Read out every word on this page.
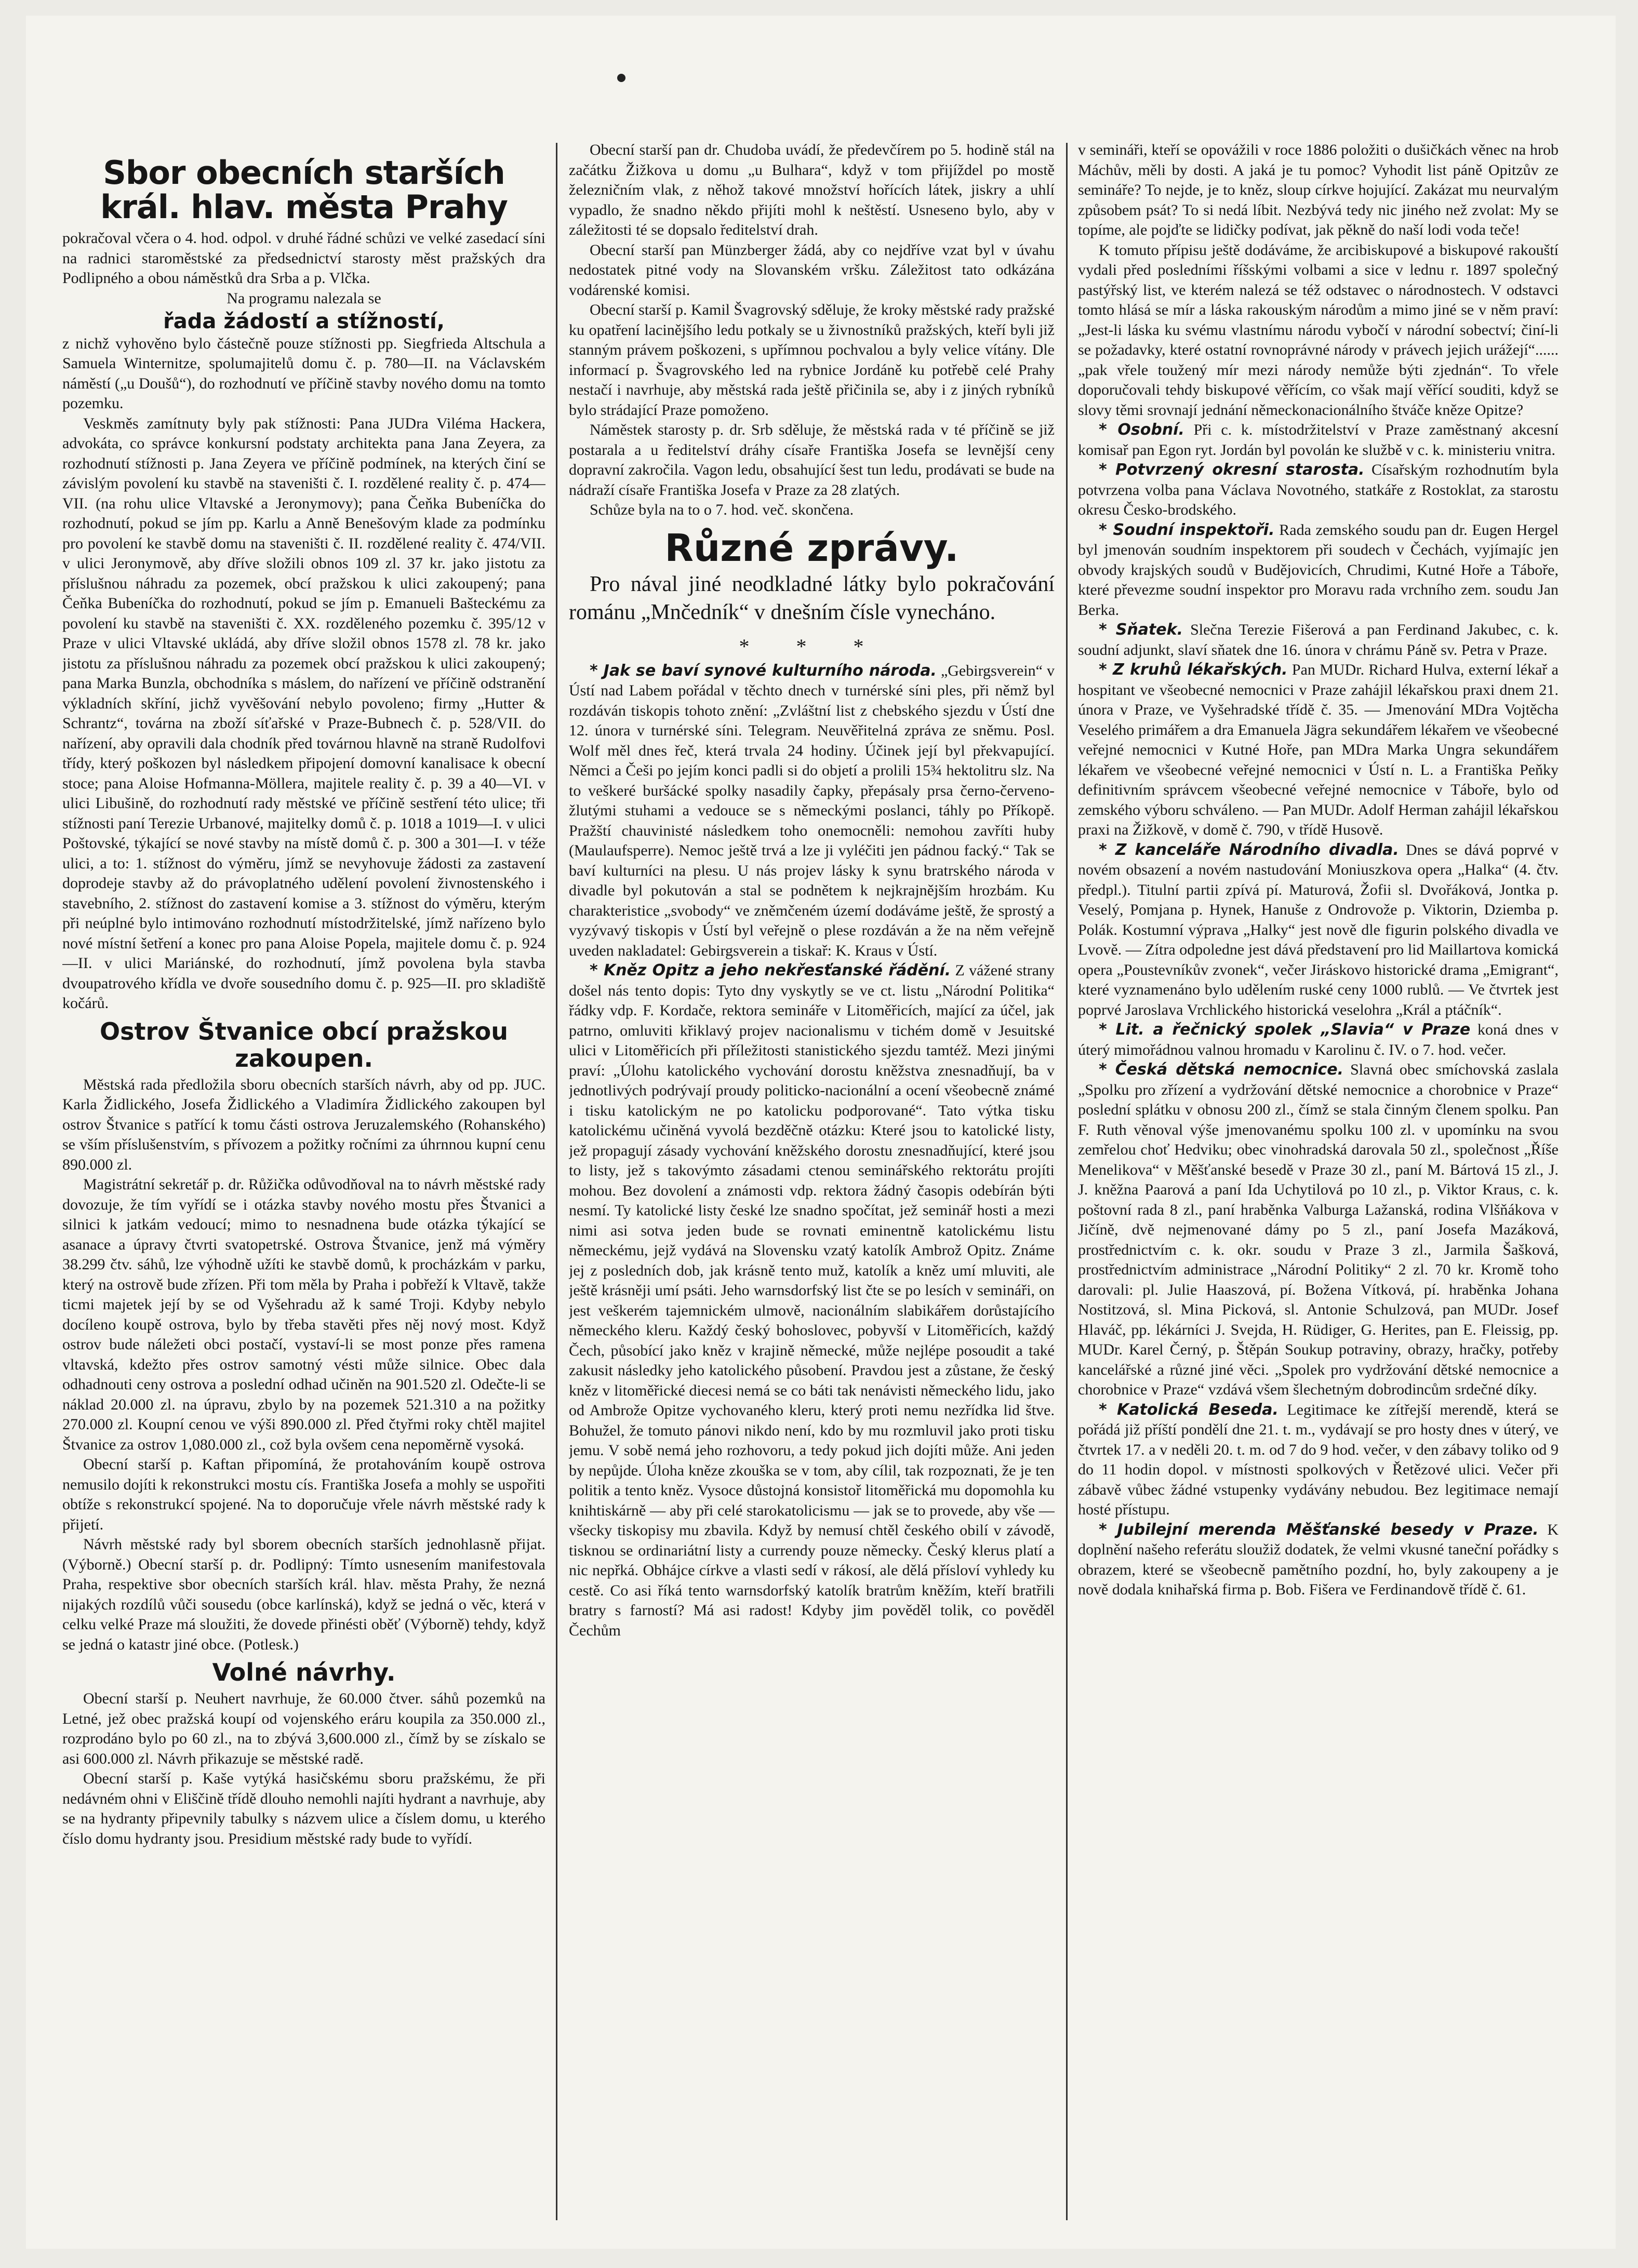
Sbor obecních starších král. hlav. města Prahy

pokračoval včera o 4. hod. odpol. v druhé řádné schůzi ve velké zasedací síni na radnici staroměstské za předsednictví starosty měst pražských dra Podlipného a obou náměstků dra Srba a p. Vlčka.

Na programu nalezala se

řada žádostí a stížností,

z nichž vyhověno bylo částečně pouze stížnosti pp. Siegfrieda Altschula a Samuela Winternitze, spolumajitelů domu č. p. 780—II. na Václavském náměstí („u Doušů“), do rozhodnutí ve příčině stavby nového domu na tomto pozemku.

Veskměs zamítnuty byly pak stížnosti: Pana JUDra Viléma Hackera, advokáta, co správce konkursní podstaty architekta pana Jana Zeyera, za rozhodnutí stížnosti p. Jana Zeyera ve příčině podmínek, na kterých činí se závislým povolení ku stavbě na staveništi č. I. rozdělené reality č. p. 474—VII. (na rohu ulice Vltavské a Jeronymovy); pana Čeňka Bubeníčka do rozhodnutí, pokud se jím pp. Karlu a Anně Benešovým klade za podmínku pro povolení ke stavbě domu na staveništi č. II. rozdělené reality č. 474/VII. v ulici Jeronymově, aby dříve složili obnos 109 zl. 37 kr. jako jistotu za příslušnou náhradu za pozemek, obcí pražskou k ulici zakoupený; pana Čeňka Bubeníčka do rozhodnutí, pokud se jím p. Emanueli Bašteckému za povolení ku stavbě na staveništi č. XX. rozděleného pozemku č. 395/12 v Praze v ulici Vltavské ukládá, aby dříve složil obnos 1578 zl. 78 kr. jako jistotu za příslušnou náhradu za pozemek obcí pražskou k ulici zakoupený; pana Marka Bunzla, obchodníka s máslem, do nařízení ve příčině odstranění výkladních skříní, jichž vyvěšování nebylo povoleno; firmy „Hutter & Schrantz“, továrna na zboží síťařské v Praze-Bubnech č. p. 528/VII. do nařízení, aby opravili dala chodník před továrnou hlavně na straně Rudolfovi třídy, který poškozen byl následkem připojení domovní kanalisace k obecní stoce; pana Aloise Hofmanna-Möllera, majitele reality č. p. 39 a 40—VI. v ulici Libušině, do rozhodnutí rady městské ve příčině sestření této ulice; tři stížnosti paní Terezie Urbanové, majitelky domů č. p. 1018 a 1019—I. v ulici Poštovské, týkající se nové stavby na místě domů č. p. 300 a 301—I. v téže ulici, a to: 1. stížnost do výměru, jímž se nevyhovuje žádosti za zastavení doprodeje stavby až do právoplatného udělení povolení živnostenského i stavebního, 2. stížnost do zastavení komise a 3. stížnost do výměru, kterým při neúplné bylo intimováno rozhodnutí místodržitelské, jímž nařízeno bylo nové místní šetření a konec pro pana Aloise Popela, majitele domu č. p. 924—II. v ulici Mariánské, do rozhodnutí, jímž povolena byla stavba dvoupatrového křídla ve dvoře sousedního domu č. p. 925—II. pro skladiště kočárů.

Ostrov Štvanice obcí pražskou zakoupen.

Městská rada předložila sboru obecních starších návrh, aby od pp. JUC. Karla Židlického, Josefa Židlického a Vladimíra Židlického zakoupen byl ostrov Štvanice s patřící k tomu části ostrova Jeruzalemského (Rohanského) se vším příslušenstvím, s přívozem a požitky ročními za úhrnnou kupní cenu 890.000 zl.

Magistrátní sekretář p. dr. Růžička odůvodňoval na to návrh městské rady dovozuje, že tím vyřídí se i otázka stavby nového mostu přes Štvanici a silnici k jatkám vedoucí; mimo to nesnadnena bude otázka týkající se asanace a úpravy čtvrti svatopetrské. Ostrova Štvanice, jenž má výměry 38.299 čtv. sáhů, lze výhodně užíti ke stavbě domů, k procházkám v parku, který na ostrově bude zřízen. Při tom měla by Praha i pobřeží k Vltavě, takže ticmi majetek její by se od Vyšehradu až k samé Troji. Kdyby nebylo docíleno koupě ostrova, bylo by třeba stavěti přes něj nový most. Když ostrov bude náležeti obci postačí, vystaví-li se most ponze přes ramena vltavská, kdežto přes ostrov samotný vésti může silnice. Obec dala odhadnouti ceny ostrova a poslední odhad učiněn na 901.520 zl. Odečte-li se náklad 20.000 zl. na úpravu, zbylo by na pozemek 521.310 a na požitky 270.000 zl. Koupní cenou ve výši 890.000 zl. Před čtyřmi roky chtěl majitel Štvanice za ostrov 1,080.000 zl., což byla ovšem cena nepoměrně vysoká.

Obecní starší p. Kaftan připomíná, že protahováním koupě ostrova nemusilo dojíti k rekonstrukci mostu cís. Františka Josefa a mohly se uspořiti obtíže s rekonstrukcí spojené. Na to doporučuje vřele návrh městské rady k přijetí.

Návrh městské rady byl sborem obecních starších jednohlasně přijat. (Výborně.) Obecní starší p. dr. Podlipný: Tímto usnesením manifestovala Praha, respektive sbor obecních starších král. hlav. města Prahy, že nezná nijakých rozdílů vůči sousedu (obce karlínská), když se jedná o věc, která v celku velké Praze má sloužiti, že dovede přinésti oběť (Výborně) tehdy, když se jedná o katastr jiné obce. (Potlesk.)

Volné návrhy.

Obecní starší p. Neuhert navrhuje, že 60.000 čtver. sáhů pozemků na Letné, jež obec pražská koupí od vojenského eráru koupila za 350.000 zl., rozprodáno bylo po 60 zl., na to zbývá 3,600.000 zl., čímž by se získalo se asi 600.000 zl. Návrh přikazuje se městské radě.

Obecní starší p. Kaše vytýká hasičskému sboru pražskému, že při nedávném ohni v Eliščině třídě dlouho nemohli najíti hydrant a navrhuje, aby se na hydranty připevnily tabulky s názvem ulice a číslem domu, u kterého číslo domu hydranty jsou. Presidium městské rady bude to vyřídí.

Obecní starší pan dr. Chudoba uvádí, že předevčírem po 5. hodině stál na začátku Žižkova u domu „u Bulhara“, když v tom přijíždel po mostě železničním vlak, z něhož takové množství hořících látek, jiskry a uhlí vypadlo, že snadno někdo přijíti mohl k neštěstí. Usneseno bylo, aby v záležitosti té se dopsalo ředitelství drah.

Obecní starší pan Münzberger žádá, aby co nejdříve vzat byl v úvahu nedostatek pitné vody na Slovanském vršku. Záležitost tato odkázána vodárenské komisi.

Obecní starší p. Kamil Švagrovský sděluje, že kroky městské rady pražské ku opatření lacinějšího ledu potkaly se u živnostníků pražských, kteří byli již stanným právem poškozeni, s upřímnou pochvalou a byly velice vítány. Dle informací p. Švagrovského led na rybnice Jordáně ku potřebě celé Prahy nestačí i navrhuje, aby městská rada ještě přičinila se, aby i z jiných rybníků bylo strádající Praze pomoženo.

Náměstek starosty p. dr. Srb sděluje, že městská rada v té příčině se již postarala a u ředitelství dráhy císaře Františka Josefa se levnější ceny dopravní zakročila. Vagon ledu, obsahující šest tun ledu, prodávati se bude na nádraží císaře Františka Josefa v Praze za 28 zlatých.

Schůze byla na to o 7. hod. več. skončena.

Různé zprávy.

Pro nával jiné neodkladné látky bylo pokračování románu „Mnčedník“ v dnešním čísle vynecháno.

* * *

* Jak se baví synové kulturního národa. „Gebirgsverein“ v Ústí nad Labem pořádal v těchto dnech v turnérské síni ples, při němž byl rozdáván tiskopis tohoto znění: „Zvláštní list z chebského sjezdu v Ústí dne 12. února v turnérské síni. Telegram. Neuvěřitelná zpráva ze sněmu. Posl. Wolf měl dnes řeč, která trvala 24 hodiny. Účinek její byl překvapující. Němci a Češi po jejím konci padli si do objetí a prolili 15¾ hektolitru slz. Na to veškeré buršácké spolky nasadily čapky, přepásaly prsa černo-červeno-žlutými stuhami a vedouce se s německými poslanci, táhly po Příkopě. Pražští chauvinisté následkem toho onemocněli: nemohou zavříti huby (Maulaufsperre). Nemoc ještě trvá a lze ji vyléčiti jen pádnou facký.“ Tak se baví kulturníci na plesu. U nás projev lásky k synu bratrského národa v divadle byl pokutován a stal se podnětem k nejkrajnějším hrozbám. Ku charakteristice „svobody“ ve zněmčeném území dodáváme ještě, že sprostý a vyzývavý tiskopis v Ústí byl veřejně o plese rozdáván a že na něm veřejně uveden nakladatel: Gebirgsverein a tiskař: K. Kraus v Ústí.

* Kněz Opitz a jeho nekřesťanské řádění. Z vážené strany došel nás tento dopis: Tyto dny vyskytly se ve ct. listu „Národní Politika“ řádky vdp. F. Kordače, rektora semináře v Litoměřicích, mající za účel, jak patrno, omluviti křiklavý projev nacionalismu v tichém domě v Jesuitské ulici v Litoměřicích při příležitosti stanistického sjezdu tamtéž. Mezi jinými praví: „Úlohu katolického vychování dorostu kněžstva znesnadňují, ba v jednotlivých podrývají proudy politicko-nacionální a ocení všeobecně známé i tisku katolickým ne po katolicku podporované“. Tato výtka tisku katolickému učiněná vyvolá bezděčně otázku: Které jsou to katolické listy, jež propagují zásady vychování kněžského dorostu znesnadňující, které jsou to listy, jež s takovýmto zásadami ctenou seminářského rektorátu projíti mohou. Bez dovolení a známosti vdp. rektora žádný časopis odebírán býti nesmí. Ty katolické listy české lze snadno spočítat, jež seminář hosti a mezi nimi asi sotva jeden bude se rovnati eminentně katolickému listu německému, jejž vydává na Slovensku vzatý katolík Ambrož Opitz. Známe jej z posledních dob, jak krásně tento muž, katolík a kněz umí mluviti, ale ještě krásněji umí psáti. Jeho warnsdorfský list čte se po lesích v semináři, on jest veškerém tajemnickém ulmově, nacionálním slabikářem dorůstajícího německého kleru. Každý český bohoslovec, pobyvší v Litoměřicích, každý Čech, působící jako kněz v krajině německé, může nejlépe posoudit a také zakusit následky jeho katolického působení. Pravdou jest a zůstane, že český kněz v litoměřické diecesi nemá se co báti tak nenávisti německého lidu, jako od Ambrože Opitze vychovaného kleru, který proti nemu nezřídka lid štve. Bohužel, že tomuto pánovi nikdo není, kdo by mu rozmluvil jako proti tisku jemu. V sobě nemá jeho rozhovoru, a tedy pokud jich dojíti může. Ani jeden by nepůjde. Úloha kněze zkouška se v tom, aby cílil, tak rozpoznati, že je ten politik a tento kněz. Vysoce důstojná konsistoř litoměřická mu dopomohla ku knihtiskárně — aby při celé starokatolicismu — jak se to provede, aby vše — všecky tiskopisy mu zbavila. Když by nemusí chtěl českého obilí v závodě, tisknou se ordinariátní listy a currendy pouze německy. Český klerus platí a nic nepřká. Obhájce církve a vlasti sedí v rákosí, ale dělá přísloví vyhledy ku cestě. Co asi říká tento warnsdorfský katolík bratrům kněžím, kteří bratřili bratry s farností? Má asi radost! Kdyby jim pověděl tolik, co pověděl Čechům

v semináři, kteří se opovážili v roce 1886 položiti o dušičkách věnec na hrob Máchův, měli by dosti. A jaká je tu pomoc? Vyhodit list páně Opitzův ze semináře? To nejde, je to kněz, sloup církve hojující. Zakázat mu neurvalým způsobem psát? To si nedá líbit. Nezbývá tedy nic jiného než zvolat: My se topíme, ale pojďte se lidičky podívat, jak pěkně do naší lodi voda teče!

K tomuto přípisu ještě dodáváme, že arcibiskupové a biskupové rakouští vydali před posledními říšskými volbami a sice v lednu r. 1897 společný pastýřský list, ve kterém nalezá se též odstavec o národnostech. V odstavci tomto hlásá se mír a láska rakouským národům a mimo jiné se v něm praví: „Jest-li láska ku svému vlastnímu národu vybočí v národní sobectví; činí-li se požadavky, které ostatní rovnoprávné národy v právech jejich urážejí“...... „pak vřele toužený mír mezi národy nemůže býti zjednán“. To vřele doporučovali tehdy biskupové věřícím, co však mají věřící souditi, když se slovy těmi srovnají jednání německonacionálního štváče kněze Opitze?

* Osobní. Při c. k. místodržitelství v Praze zaměstnaný akcesní komisař pan Egon ryt. Jordán byl povolán ke službě v c. k. ministeriu vnitra.

* Potvrzený okresní starosta. Císařským rozhodnutím byla potvrzena volba pana Václava Novotného, statkáře z Rostoklat, za starostu okresu Česko-brodského.

* Soudní inspektoři. Rada zemského soudu pan dr. Eugen Hergel byl jmenován soudním inspektorem při soudech v Čechách, vyjímajíc jen obvody krajských soudů v Budějovicích, Chrudimi, Kutné Hoře a Táboře, které převezme soudní inspektor pro Moravu rada vrchního zem. soudu Jan Berka.

* Sňatek. Slečna Terezie Fišerová a pan Ferdinand Jakubec, c. k. soudní adjunkt, slaví sňatek dne 16. února v chrámu Páně sv. Petra v Praze.

* Z kruhů lékařských. Pan MUDr. Richard Hulva, externí lékař a hospitant ve všeobecné nemocnici v Praze zahájil lékařskou praxi dnem 21. února v Praze, ve Vyšehradské třídě č. 35. — Jmenování MDra Vojtěcha Veselého primářem a dra Emanuela Jägra sekundářem lékařem ve všeobecné veřejné nemocnici v Kutné Hoře, pan MDra Marka Ungra sekundářem lékařem ve všeobecné veřejné nemocnici v Ústí n. L. a Františka Peňky definitivním správcem všeobecné veřejné nemocnice v Táboře, bylo od zemského výboru schváleno. — Pan MUDr. Adolf Herman zahájil lékařskou praxi na Žižkově, v domě č. 790, v třídě Husově.

* Z kanceláře Národního divadla. Dnes se dává poprvé v novém obsazení a novém nastudování Moniuszkova opera „Halka“ (4. čtv. předpl.). Titulní partii zpívá pí. Maturová, Žofii sl. Dvořáková, Jontka p. Veselý, Pomjana p. Hynek, Hanuše z Ondrovože p. Viktorin, Dziemba p. Polák. Kostumní výprava „Halky“ jest nově dle figurin polského divadla ve Lvově. — Zítra odpoledne jest dává představení pro lid Maillartova komická opera „Poustevníkův zvonek“, večer Jiráskovo historické drama „Emigrant“, které vyznamenáno bylo udělením ruské ceny 1000 rublů. — Ve čtvrtek jest poprvé Jaroslava Vrchlického historická veselohra „Král a ptáčník“.

* Lit. a řečnický spolek „Slavia“ v Praze koná dnes v úterý mimořádnou valnou hromadu v Karolinu č. IV. o 7. hod. večer.

* Česká dětská nemocnice. Slavná obec smíchovská zaslala „Spolku pro zřízení a vydržování dětské nemocnice a chorobnice v Praze“ poslední splátku v obnosu 200 zl., čímž se stala činným členem spolku. Pan F. Ruth věnoval výše jmenovanému spolku 100 zl. v upomínku na svou zemřelou choť Hedviku; obec vinohradská darovala 50 zl., společnost „Říše Menelikova“ v Měšťanské besedě v Praze 30 zl., paní M. Bártová 15 zl., J. J. kněžna Paarová a paní Ida Uchytilová po 10 zl., p. Viktor Kraus, c. k. poštovní rada 8 zl., paní hraběnka Valburga Lažanská, rodina Vlšňákova v Jičíně, dvě nejmenované dámy po 5 zl., paní Josefa Mazáková, prostřednictvím c. k. okr. soudu v Praze 3 zl., Jarmila Šašková, prostřednictvím administrace „Národní Politiky“ 2 zl. 70 kr. Kromě toho darovali: pl. Julie Haaszová, pí. Božena Vítková, pí. hraběnka Johana Nostitzová, sl. Mina Picková, sl. Antonie Schulzová, pan MUDr. Josef Hlaváč, pp. lékárníci J. Svejda, H. Rüdiger, G. Herites, pan E. Fleissig, pp. MUDr. Karel Černý, p. Štěpán Soukup potraviny, obrazy, hračky, potřeby kancelářské a různé jiné věci. „Spolek pro vydržování dětské nemocnice a chorobnice v Praze“ vzdává všem šlechetným dobrodincům srdečné díky.

* Katolická Beseda. Legitimace ke zítřejší merendě, která se pořádá již příští pondělí dne 21. t. m., vydávají se pro hosty dnes v úterý, ve čtvrtek 17. a v neděli 20. t. m. od 7 do 9 hod. večer, v den zábavy toliko od 9 do 11 hodin dopol. v místnosti spolkových v Řetězové ulici. Večer při zábavě vůbec žádné vstupenky vydávány nebudou. Bez legitimace nemají hosté přístupu.

* Jubilejní merenda Měšťanské besedy v Praze. K doplnění našeho referátu sloužiž dodatek, že velmi vkusné taneční pořádky s obrazem, které se všeobecně pamětního pozdní, ho, byly zakoupeny a je nově dodala knihařská firma p. Bob. Fišera ve Ferdinandově třídě č. 61.
